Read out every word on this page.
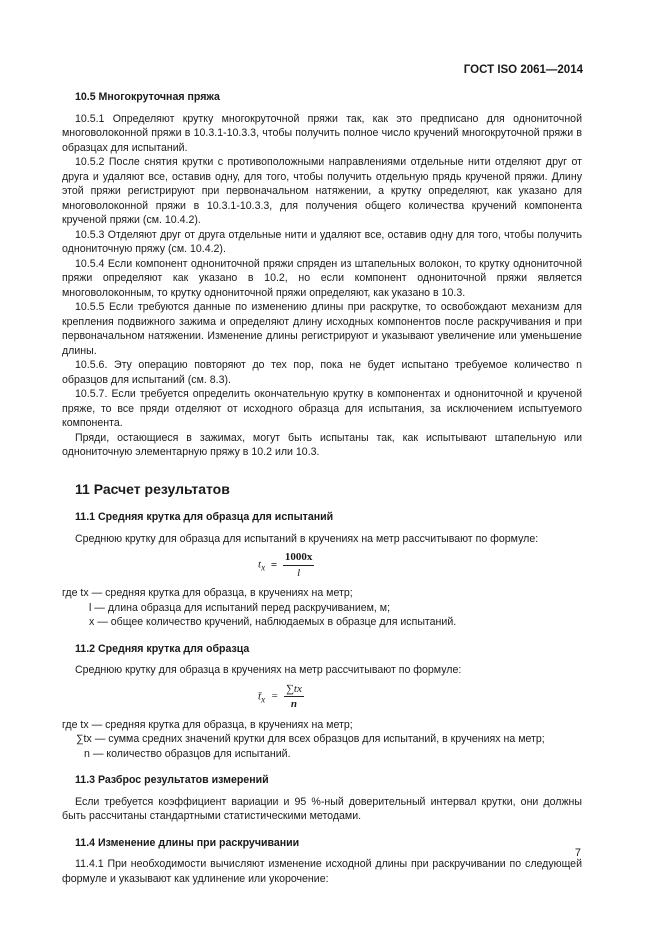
ГОСТ ISO 2061—2014
10.5 Многокруточная пряжа

10.5.1 Определяют крутку многокруточной пряжи так, как это предписано для однониточной многоволоконной пряжи в 10.3.1-10.3.3, чтобы получить полное число кручений многокруточной пряжи в образцах для испытаний.

10.5.2 После снятия крутки с противоположными направлениями отдельные нити отделяют друг от друга и удаляют все, оставив одну, для того, чтобы получить отдельную прядь крученой пряжи. Длину этой пряжи регистрируют при первоначальном натяжении, а крутку определяют, как указано для многоволоконной пряжи в 10.3.1-10.3.3, для получения общего количества кручений компонента крученой пряжи (см. 10.4.2).

10.5.3 Отделяют друг от друга отдельные нити и удаляют все, оставив одну для того, чтобы получить однониточную пряжу (см. 10.4.2).

10.5.4 Если компонент однониточной пряжи спряден из штапельных волокон, то крутку однониточной пряжи определяют как указано в 10.2, но если компонент однониточной пряжи является многоволоконным, то крутку однониточной пряжи определяют, как указано в 10.3.

10.5.5 Если требуются данные по изменению длины при раскрутке, то освобождают механизм для крепления подвижного зажима и определяют длину исходных компонентов после раскручивания и при первоначальном натяжении. Изменение длины регистрируют и указывают увеличение или уменьшение длины.

10.5.6. Эту операцию повторяют до тех пор, пока не будет испытано требуемое количество n образцов для испытаний (см. 8.3).

10.5.7. Если требуется определить окончательную крутку в компонентах и однониточной и крученой пряже, то все пряди отделяют от исходного образца для испытания, за исключением испытуемого компонента.

Пряди, остающиеся в зажимах, могут быть испытаны так, как испытывают штапельную или однониточную элементарную пряжу в 10.2 или 10.3.

11 Расчет результатов
11.1 Средняя крутка для образца для испытаний

Среднюю крутку для образца для испытаний в кручениях на метр рассчитывают по формуле:

$t_x = \frac{1000x}{l}$
где tx — средняя крутка для образца, в кручениях на метр;
l — длина образца для испытаний перед раскручиванием, м;
x — общее количество кручений, наблюдаемых в образце для испытаний.
11.2 Средняя крутка для образца

Среднюю крутку для образца в кручениях на метр рассчитывают по формуле:

$t̄_x = \frac{\sum tx}{n}$
где tx — средняя крутка для образца, в кручениях на метр;
∑tx — сумма средних значений крутки для всех образцов для испытаний, в кручениях на метр;
n — количество образцов для испытаний.
11.3 Разброс результатов измерений

Если требуется коэффициент вариации и 95 %-ный доверительный интервал крутки, они должны быть рассчитаны стандартными статистическими методами.

11.4 Изменение длины при раскручивании

11.4.1 При необходимости вычисляют изменение исходной длины при раскручивании по следующей формуле и указывают как удлинение или укорочение:

7
